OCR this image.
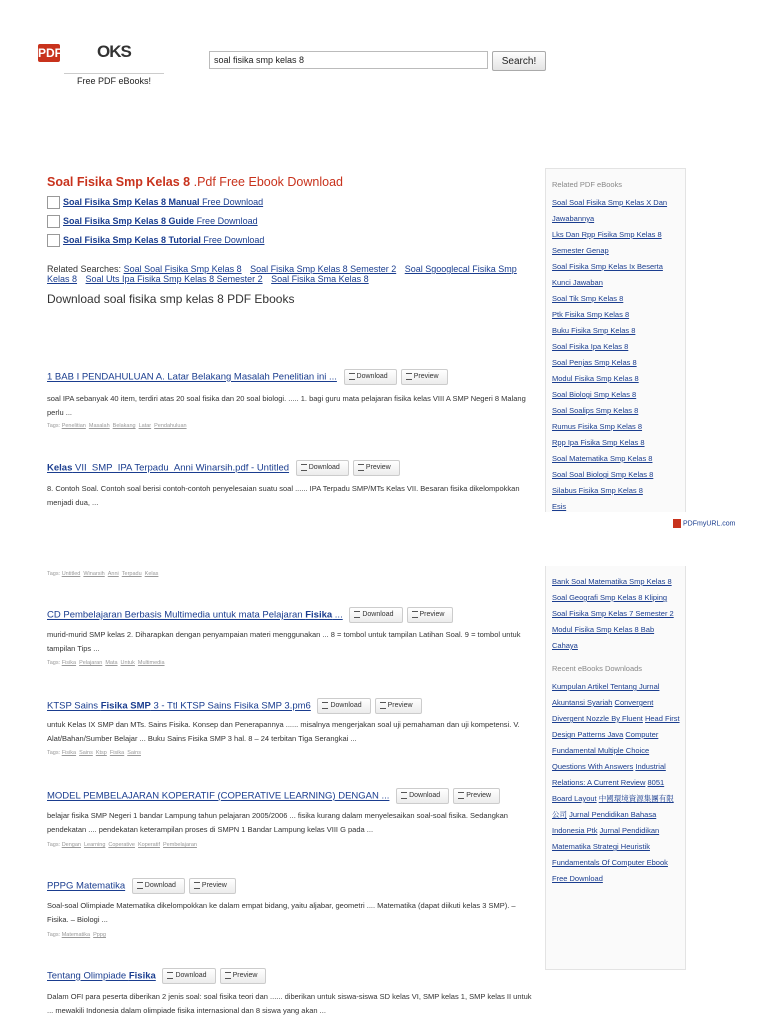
PDF OKS
Free PDF eBooks!
soal fisika smp kelas 8
Search!
Soal Fisika Smp Kelas 8 .Pdf Free Ebook Download
Soal Fisika Smp Kelas 8 Manual Free Download
Soal Fisika Smp Kelas 8 Guide Free Download
Soal Fisika Smp Kelas 8 Tutorial Free Download
Related Searches: Soal Soal Fisika Smp Kelas 8 Soal Fisika Smp Kelas 8 Semester 2 Soal Sgooglecal Fisika Smp Kelas 8 Soal Uts Ipa Fisika Smp Kelas 8 Semester 2 Soal Fisika Sma Kelas 8
Download soal fisika smp kelas 8 PDF Ebooks
1 BAB I PENDAHULUAN A. Latar Belakang Masalah Penelitian ini ...	Download	Preview
soal IPA sebanyak 40 item, terdiri atas 20 soal fisika dan 20 soal biologi. ..... 1. bagi guru mata pelajaran fisika kelas VIII A SMP Negeri 8 Malang perlu ...
Tags: Penelitian Masalah Belakang Latar Pendahuluan
Kelas VII_SMP_IPA Terpadu_Anni Winarsih.pdf - Untitled	Download	Preview
8. Contoh Soal. Contoh soal berisi contoh-contoh penyelesaian suatu soal ...... IPA Terpadu SMP/MTs Kelas VII. Besaran fisika dikelompokkan menjadi dua, ...
Tags: Untitled Winarsih Anni Terpadu Kelas
CD Pembelajaran Berbasis Multimedia untuk mata Pelajaran Fisika ...	Download	Preview
murid-murid SMP kelas 2. Diharapkan dengan penyampaian materi menggunakan ... 8 = tombol untuk tampilan Latihan Soal. 9 = tombol untuk tampilan Tips ...
Tags: Fisika Pelajaran Mata Untuk Multimedia
KTSP Sains Fisika SMP 3 - Ttl KTSP Sains Fisika SMP 3.pm6	Download	Preview
untuk Kelas IX SMP dan MTs. Sains Fisika. Konsep dan Penerapannya ...... misalnya mengerjakan soal uji pemahaman dan uji kompetensi. V. Alat/Bahan/Sumber Belajar ... Buku Sains Fisika SMP 3 hal. 8 – 24 terbitan Tiga Serangkai ...
Tags: Fisika Sains Ktsp Fisika Sains
MODEL PEMBELAJARAN KOPERATIF (COPERATIVE LEARNING) DENGAN ...	Download	Preview
belajar fisika SMP Negeri 1 bandar Lampung tahun pelajaran 2005/2006 ... fisika kurang dalam menyelesaikan soal-soal fisika. Sedangkan pendekatan .... pendekatan keterampilan proses di SMPN 1 Bandar Lampung kelas VIII G pada ...
Tags: Dengan Learning Coperative Koperatif Pembelajaran
PPPG Matematika	Download	Preview
Soal-soal Olimpiade Matematika dikelompokkan ke dalam empat bidang, yaitu aljabar, geometri .... Matematika (dapat diikuti kelas 3 SMP). – Fisika. – Biologi ...
Tags: Matematika Pppg
Tentang Olimpiade Fisika	Download	Preview
Dalam OFI para peserta diberikan 2 jenis soal: soal fisika teori dan ...... diberikan untuk siswa-siswa SD kelas VI, SMP kelas 1, SMP kelas II untuk ... mewakili Indonesia dalam olimpiade fisika internasional dan 8 siswa yang akan ...
Related PDF eBooks
Soal Soal Fisika Smp Kelas X Dan Jawabannya
Lks Dan Rpp Fisika Smp Kelas 8 Semester Genap
Soal Fisika Smp Kelas Ix Beserta Kunci Jawaban
Soal Tik Smp Kelas 8
Ptk Fisika Smp Kelas 8
Buku Fisika Smp Kelas 8
Soal Fisika Ipa Kelas 8
Soal Penjas Smp Kelas 8
Modul Fisika Smp Kelas 8
Soal Biologi Smp Kelas 8
Soal Soalips Smp Kelas 8
Rumus Fisika Smp Kelas 8
Rpp Ipa Fisika Smp Kelas 8
Soal Matematika Smp Kelas 8
Soal Soal Biologi Smp Kelas 8
Silabus Fisika Smp Kelas 8
Esis
PDFmyURL.com
Bank Soal Matematika Smp Kelas 8
Soal Geografi Smp Kelas 8 Kliping
Soal Fisika Smp Kelas 7 Semester 2
Modul Fisika Smp Kelas 8 Bab Cahaya
Recent eBooks Downloads
Kumpulan Artikel Tentang Jurnal Akuntansi Syariah Convergent Divergent Nozzle By Fluent Head First Design Patterns Java Computer Fundamental Multiple Choice Questions With Answers Industrial Relations: A Current Review 8051 Board Layout 中國環境資源集團有限公司 Jurnal Pendidikan Bahasa Indonesia Ptk Jurnal Pendidikan Matematika Strategi Heuristik Fundamentals Of Computer Ebook Free Download
